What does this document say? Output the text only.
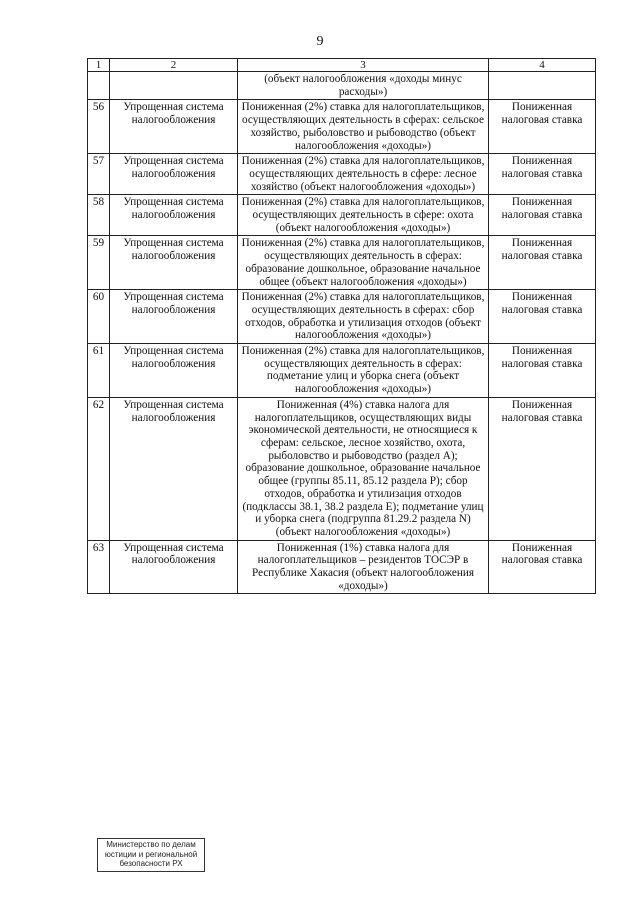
9
1	2	3	4
		(объект налогообложения «доходы минус расходы»)	
56	Упрощенная система налогообложения	Пониженная (2%) ставка для налогоплательщиков, осуществляющих деятельность в сферах: сельское хозяйство, рыболовство и рыбоводство (объект налогообложения «доходы»)	Пониженная налоговая ставка
57	Упрощенная система налогообложения	Пониженная (2%) ставка для налогоплательщиков, осуществляющих деятельность в сфере: лесное хозяйство (объект налогообложения «доходы»)	Пониженная налоговая ставка
58	Упрощенная система налогообложения	Пониженная (2%) ставка для налогоплательщиков, осуществляющих деятельность в сфере: охота (объект налогообложения «доходы»)	Пониженная налоговая ставка
59	Упрощенная система налогообложения	Пониженная (2%) ставка для налогоплательщиков, осуществляющих деятельность в сферах: образование дошкольное, образование начальное общее (объект налогообложения «доходы»)	Пониженная налоговая ставка
60	Упрощенная система налогообложения	Пониженная (2%) ставка для налогоплательщиков, осуществляющих деятельность в сферах: сбор отходов, обработка и утилизация отходов (объект налогообложения «доходы»)	Пониженная налоговая ставка
61	Упрощенная система налогообложения	Пониженная (2%) ставка для налогоплательщиков, осуществляющих деятельность в сферах: подметание улиц и уборка снега (объект налогообложения «доходы»)	Пониженная налоговая ставка
62	Упрощенная система налогообложения	Пониженная (4%) ставка налога для налогоплательщиков, осуществляющих виды экономической деятельности, не относящиеся к сферам: сельское, лесное хозяйство, охота, рыболовство и рыбоводство (раздел А); образование дошкольное, образование начальное общее (группы 85.11, 85.12 раздела Р); сбор отходов, обработка и утилизация отходов (подклассы 38.1, 38.2 раздела Е); подметание улиц и уборка снега (подгруппа 81.29.2 раздела N) (объект налогообложения «доходы»)	Пониженная налоговая ставка
63	Упрощенная система налогообложения	Пониженная (1%) ставка налога для налогоплательщиков – резидентов ТОСЭР в Республике Хакасия (объект налогообложения «доходы»)	Пониженная налоговая ставка
Министерство по делам юстиции и региональной безопасности РХ
